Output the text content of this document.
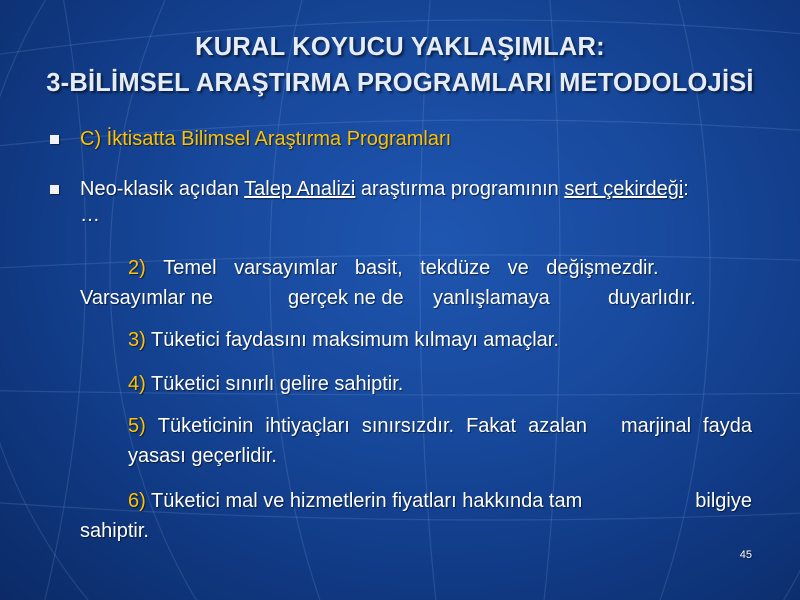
KURAL KOYUCU YAKLAŞIMLAR:
3-BİLİMSEL ARAŞTIRMA PROGRAMLARI METODOLOJİSİ
C) İktisatta Bilimsel Araştırma Programları
Neo-klasik açıdan Talep Analizi araştırma programının sert çekirdeği:
…
2) Temel varsayımlar basit, tekdüze ve değişmezdir.
Varsayımlar ne	gerçek ne de yanlışlamaya	duyarlıdır.
3) Tüketici faydasını maksimum kılmayı amaçlar.
4) Tüketici sınırlı gelire sahiptir.
5) Tüketicinin ihtiyaçları sınırsızdır. Fakat azalan marjinal fayda
yasası geçerlidir.
6) Tüketici mal ve hizmetlerin fiyatları hakkında tam	bilgiye
sahiptir.
45
